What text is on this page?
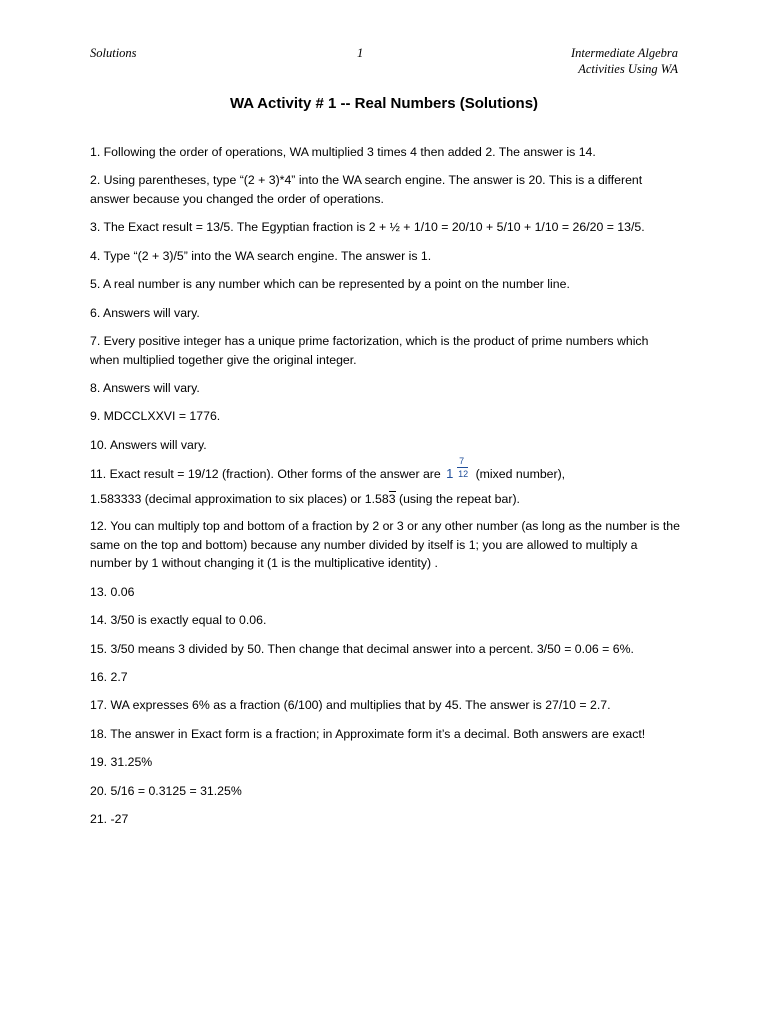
Solutions	1	Intermediate Algebra
Activities Using WA
WA Activity # 1 -- Real Numbers (Solutions)

1. Following the order of operations, WA multiplied 3 times 4 then added 2. The answer is 14.

2. Using parentheses, type “(2 + 3)*4” into the WA search engine. The answer is 20. This is a different answer because you changed the order of operations.

3. The Exact result = 13/5. The Egyptian fraction is 2 + ½ + 1/10 = 20/10 + 5/10 + 1/10 = 26/20 = 13/5.

4. Type “(2 + 3)/5” into the WA search engine. The answer is 1.

5. A real number is any number which can be represented by a point on the number line.

6. Answers will vary.

7. Every positive integer has a unique prime factorization, which is the product of prime numbers which when multiplied together give the original integer.

8. Answers will vary.

9. MDCCLXXVI = 1776.

10. Answers will vary.

11. Exact result = 19/12 (fraction). Other forms of the answer are 1
7
12 (mixed number),
1.583333 (decimal approximation to six places) or 1.583 (using the repeat bar).

12. You can multiply top and bottom of a fraction by 2 or 3 or any other number (as long as the number is the same on the top and bottom) because any number divided by itself is 1; you are allowed to multiply a number by 1 without changing it (1 is the multiplicative identity) .

13. 0.06

14. 3/50 is exactly equal to 0.06.

15. 3/50 means 3 divided by 50. Then change that decimal answer into a percent. 3/50 = 0.06 = 6%.

16. 2.7

17. WA expresses 6% as a fraction (6/100) and multiplies that by 45. The answer is 27/10 = 2.7.

18. The answer in Exact form is a fraction; in Approximate form it’s a decimal. Both answers are exact!

19. 31.25%

20. 5/16 = 0.3125 = 31.25%

21. -27
